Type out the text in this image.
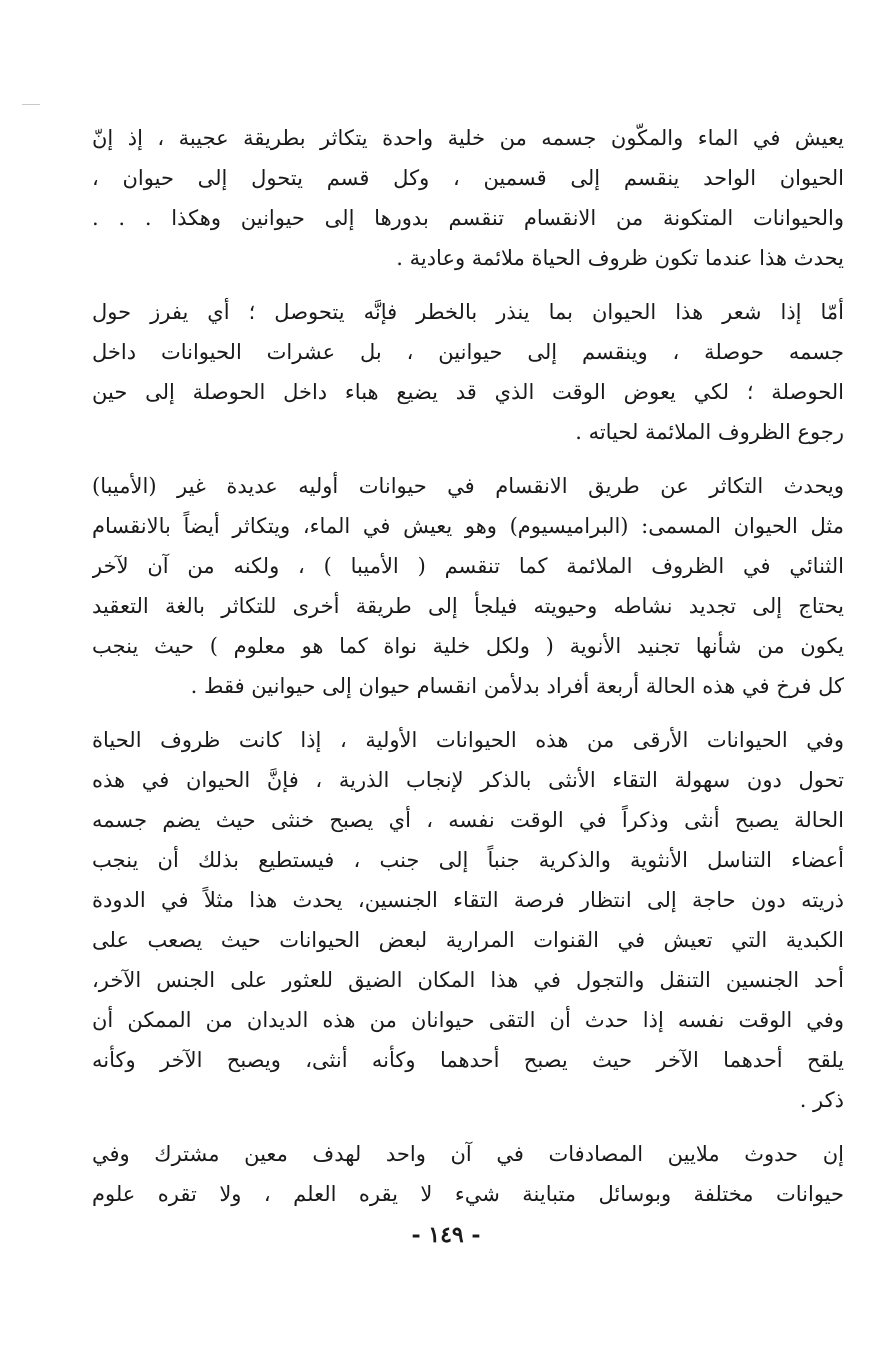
يعيش في الماء والمكّون جسمه من خلية واحدة يتكاثر بطريقة عجيبة ، إذ إنّ
الحيوان الواحد ينقسم إلى قسمين ، وكل قسم يتحول إلى حيوان ،
والحيوانات المتكونة من الانقسام تنقسم بدورها إلى حيوانين وهكذا . . .
يحدث هذا عندما تكون ظروف الحياة ملائمة وعادية .

أمّا إذا شعر هذا الحيوان بما ينذر بالخطر فإنَّه يتحوصل ؛ أي يفرز حول
جسمه حوصلة ، وينقسم إلى حيوانين ، بل عشرات الحيوانات داخل
الحوصلة ؛ لكي يعوض الوقت الذي قد يضيع هباء داخل الحوصلة إلى حين
رجوع الظروف الملائمة لحياته .

ويحدث التكاثر عن طريق الانقسام في حيوانات أوليه عديدة غير (الأميبا)
مثل الحيوان المسمى: (البراميسيوم) وهو يعيش في الماء، ويتكاثر أيضاً بالانقسام
الثنائي في الظروف الملائمة كما تنقسم ( الأميبا ) ، ولكنه من آن لآخر
يحتاج إلى تجديد نشاطه وحيويته فيلجأ إلى طريقة أخرى للتكاثر بالغة التعقيد
يكون من شأنها تجنيد الأنوية ( ولكل خلية نواة كما هو معلوم ) حيث ينجب
كل فرخ في هذه الحالة أربعة أفراد بدلأمن انقسام حيوان إلى حيوانين فقط .

وفي الحيوانات الأرقى من هذه الحيوانات الأولية ، إذا كانت ظروف الحياة
تحول دون سهولة التقاء الأنثى بالذكر لإنجاب الذرية ، فإنَّ الحيوان في هذه
الحالة يصبح أنثى وذكراً في الوقت نفسه ، أي يصبح خنثى حيث يضم جسمه
أعضاء التناسل الأنثوية والذكرية جنباً إلى جنب ، فيستطيع بذلك أن ينجب
ذريته دون حاجة إلى انتظار فرصة التقاء الجنسين، يحدث هذا مثلاً في الدودة
الكبدية التي تعيش في القنوات المرارية لبعض الحيوانات حيث يصعب على
أحد الجنسين التنقل والتجول في هذا المكان الضيق للعثور على الجنس الآخر،
وفي الوقت نفسه إذا حدث أن التقى حيوانان من هذه الديدان من الممكن أن
يلقح أحدهما الآخر حيث يصبح أحدهما وكأنه أنثى، ويصبح الآخر وكأنه
ذكر .

إن حدوث ملايين المصادفات في آن واحد لهدف معين مشترك وفي
حيوانات مختلفة وبوسائل متباينة شيء لا يقره العلم ، ولا تقره علوم

- ١٤٩ -
